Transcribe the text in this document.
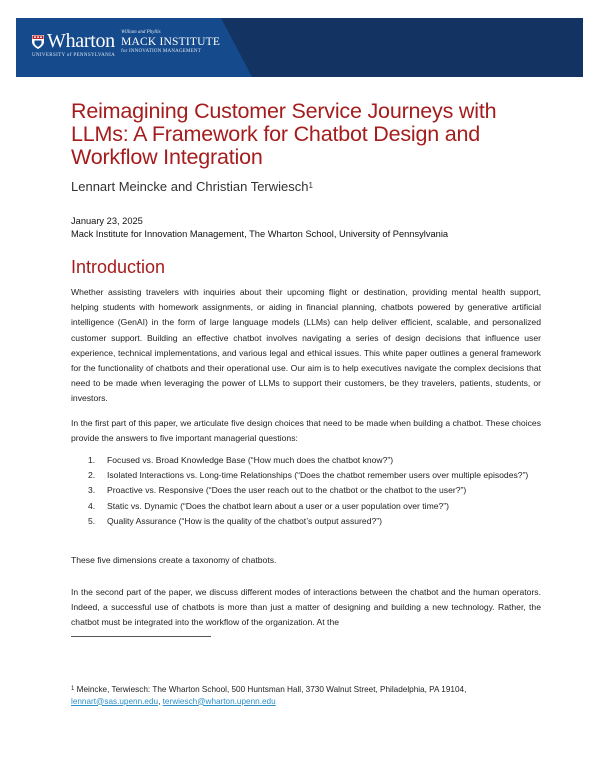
Wharton
UNIVERSITY of PENNSYLVANIA
William and Phyllis
MACK INSTITUTE
for INNOVATION MANAGEMENT
Reimagining Customer Service Journeys with LLMs: A Framework for Chatbot Design and Workflow Integration
Lennart Meincke and Christian Terwiesch$^1$
January 23, 2025
Mack Institute for Innovation Management, The Wharton School, University of Pennsylvania
Introduction

Whether assisting travelers with inquiries about their upcoming flight or destination, providing mental health support, helping students with homework assignments, or aiding in financial planning, chatbots powered by generative artificial intelligence (GenAI) in the form of large language models (LLMs) can help deliver efficient, scalable, and personalized customer support. Building an effective chatbot involves navigating a series of design decisions that influence user experience, technical implementations, and various legal and ethical issues. This white paper outlines a general framework for the functionality of chatbots and their operational use. Our aim is to help executives navigate the complex decisions that need to be made when leveraging the power of LLMs to support their customers, be they travelers, patients, students, or investors.

In the first part of this paper, we articulate five design choices that need to be made when building a chatbot. These choices provide the answers to five important managerial questions:

1.	Focused vs. Broad Knowledge Base (“How much does the chatbot know?”)
2.	Isolated Interactions vs. Long-time Relationships (“Does the chatbot remember users over multiple episodes?”)
3.	Proactive vs. Responsive (“Does the user reach out to the chatbot or the chatbot to the user?”)
4.	Static vs. Dynamic (“Does the chatbot learn about a user or a user population over time?”)
5.	Quality Assurance (“How is the quality of the chatbot’s output assured?”)

These five dimensions create a taxonomy of chatbots.

In the second part of the paper, we discuss different modes of interactions between the chatbot and the human operators. Indeed, a successful use of chatbots is more than just a matter of designing and building a new technology. Rather, the chatbot must be integrated into the workflow of the organization. At the

$^1$ Meincke, Terwiesch: The Wharton School, 500 Huntsman Hall, 3730 Walnut Street, Philadelphia, PA 19104,
lennart@sas.upenn.edu, terwiesch@wharton.upenn.edu
